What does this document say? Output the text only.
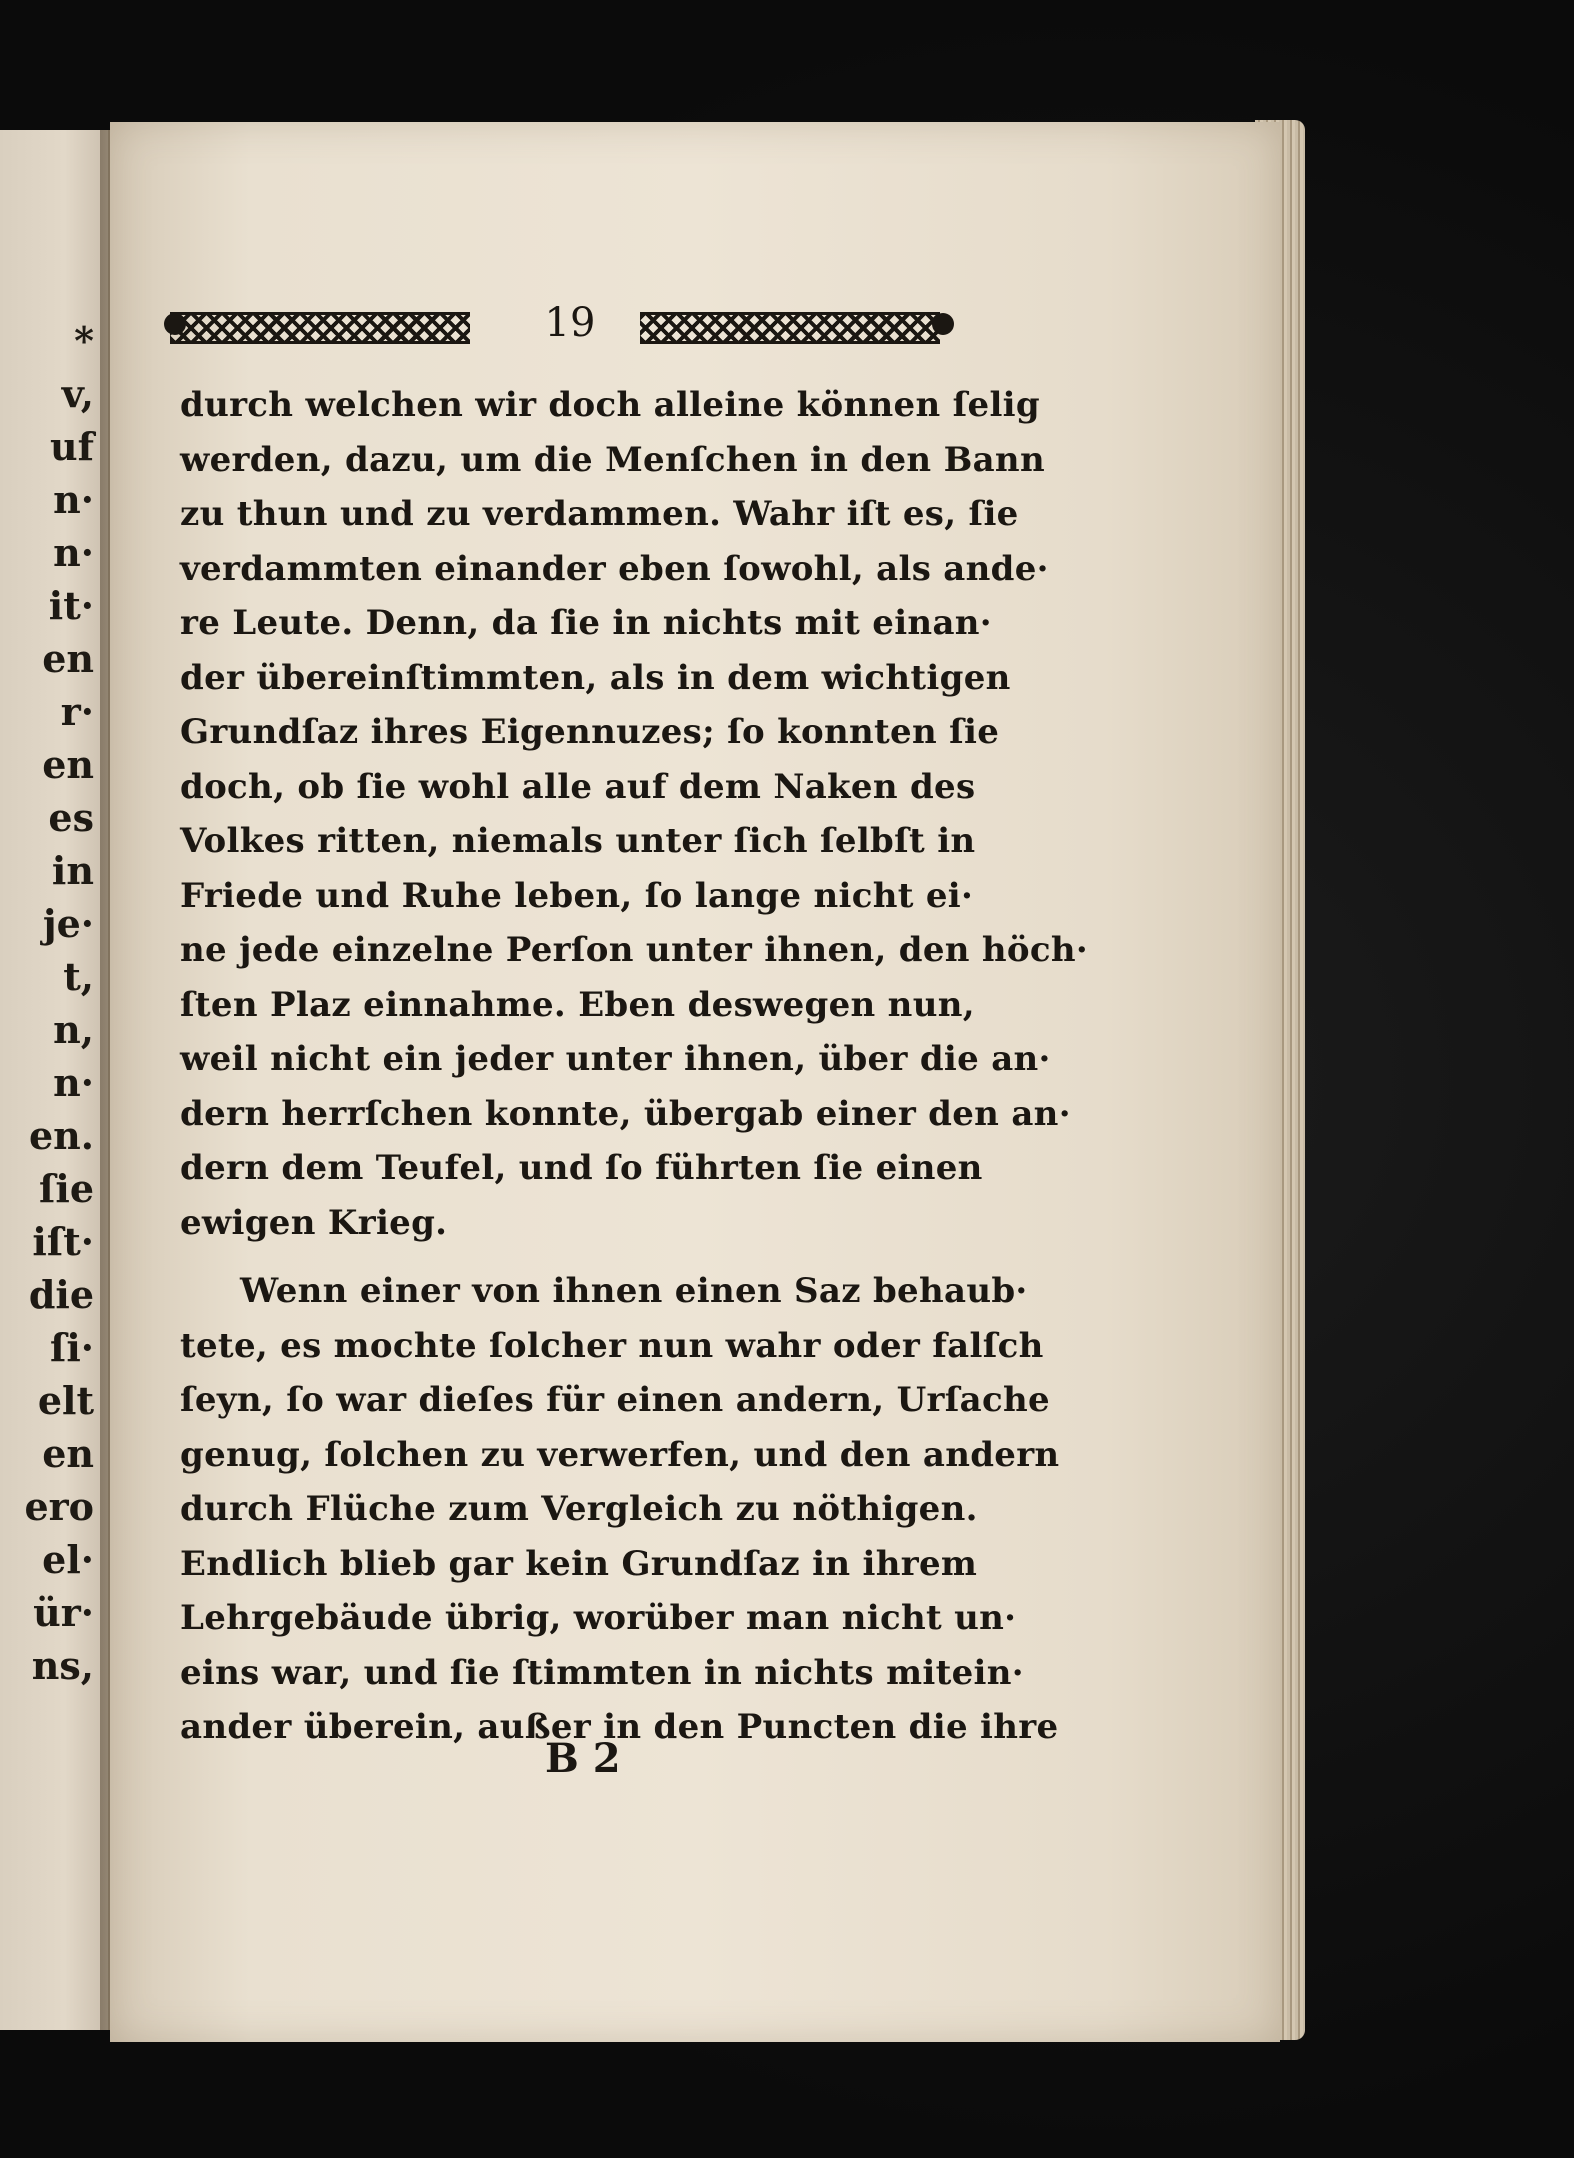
*
v,
uf
n·
n·
it·
en
r·
en
es
in
je·
t,
n,
n·
en.
ſie
iſt·
die
ſi·
elt
en
ero
el·
ür·
ns,
19
durch welchen wir doch alleine können ſelig
werden, dazu, um die Menſchen in den Bann
zu thun und zu verdammen. Wahr iſt es, ſie
verdammten einander eben ſowohl, als ande·
re Leute. Denn, da ſie in nichts mit einan·
der übereinſtimmten, als in dem wichtigen
Grundſaz ihres Eigennuzes; ſo konnten ſie
doch, ob ſie wohl alle auf dem Naken des
Volkes ritten, niemals unter ſich ſelbſt in
Friede und Ruhe leben, ſo lange nicht ei·
ne jede einzelne Perſon unter ihnen, den höch·
ſten Plaz einnahme. Eben deswegen nun,
weil nicht ein jeder unter ihnen, über die an·
dern herrſchen konnte, übergab einer den an·
dern dem Teufel, und ſo führten ſie einen
ewigen Krieg.
Wenn einer von ihnen einen Saz behaub·
tete, es mochte ſolcher nun wahr oder falſch
ſeyn, ſo war dieſes für einen andern, Urſache
genug, ſolchen zu verwerfen, und den andern
durch Flüche zum Vergleich zu nöthigen.
Endlich blieb gar kein Grundſaz in ihrem
Lehrgebäude übrig, worüber man nicht un·
eins war, und ſie ſtimmten in nichts mitein·
ander überein, außer in den Puncten die ihre
B 2
